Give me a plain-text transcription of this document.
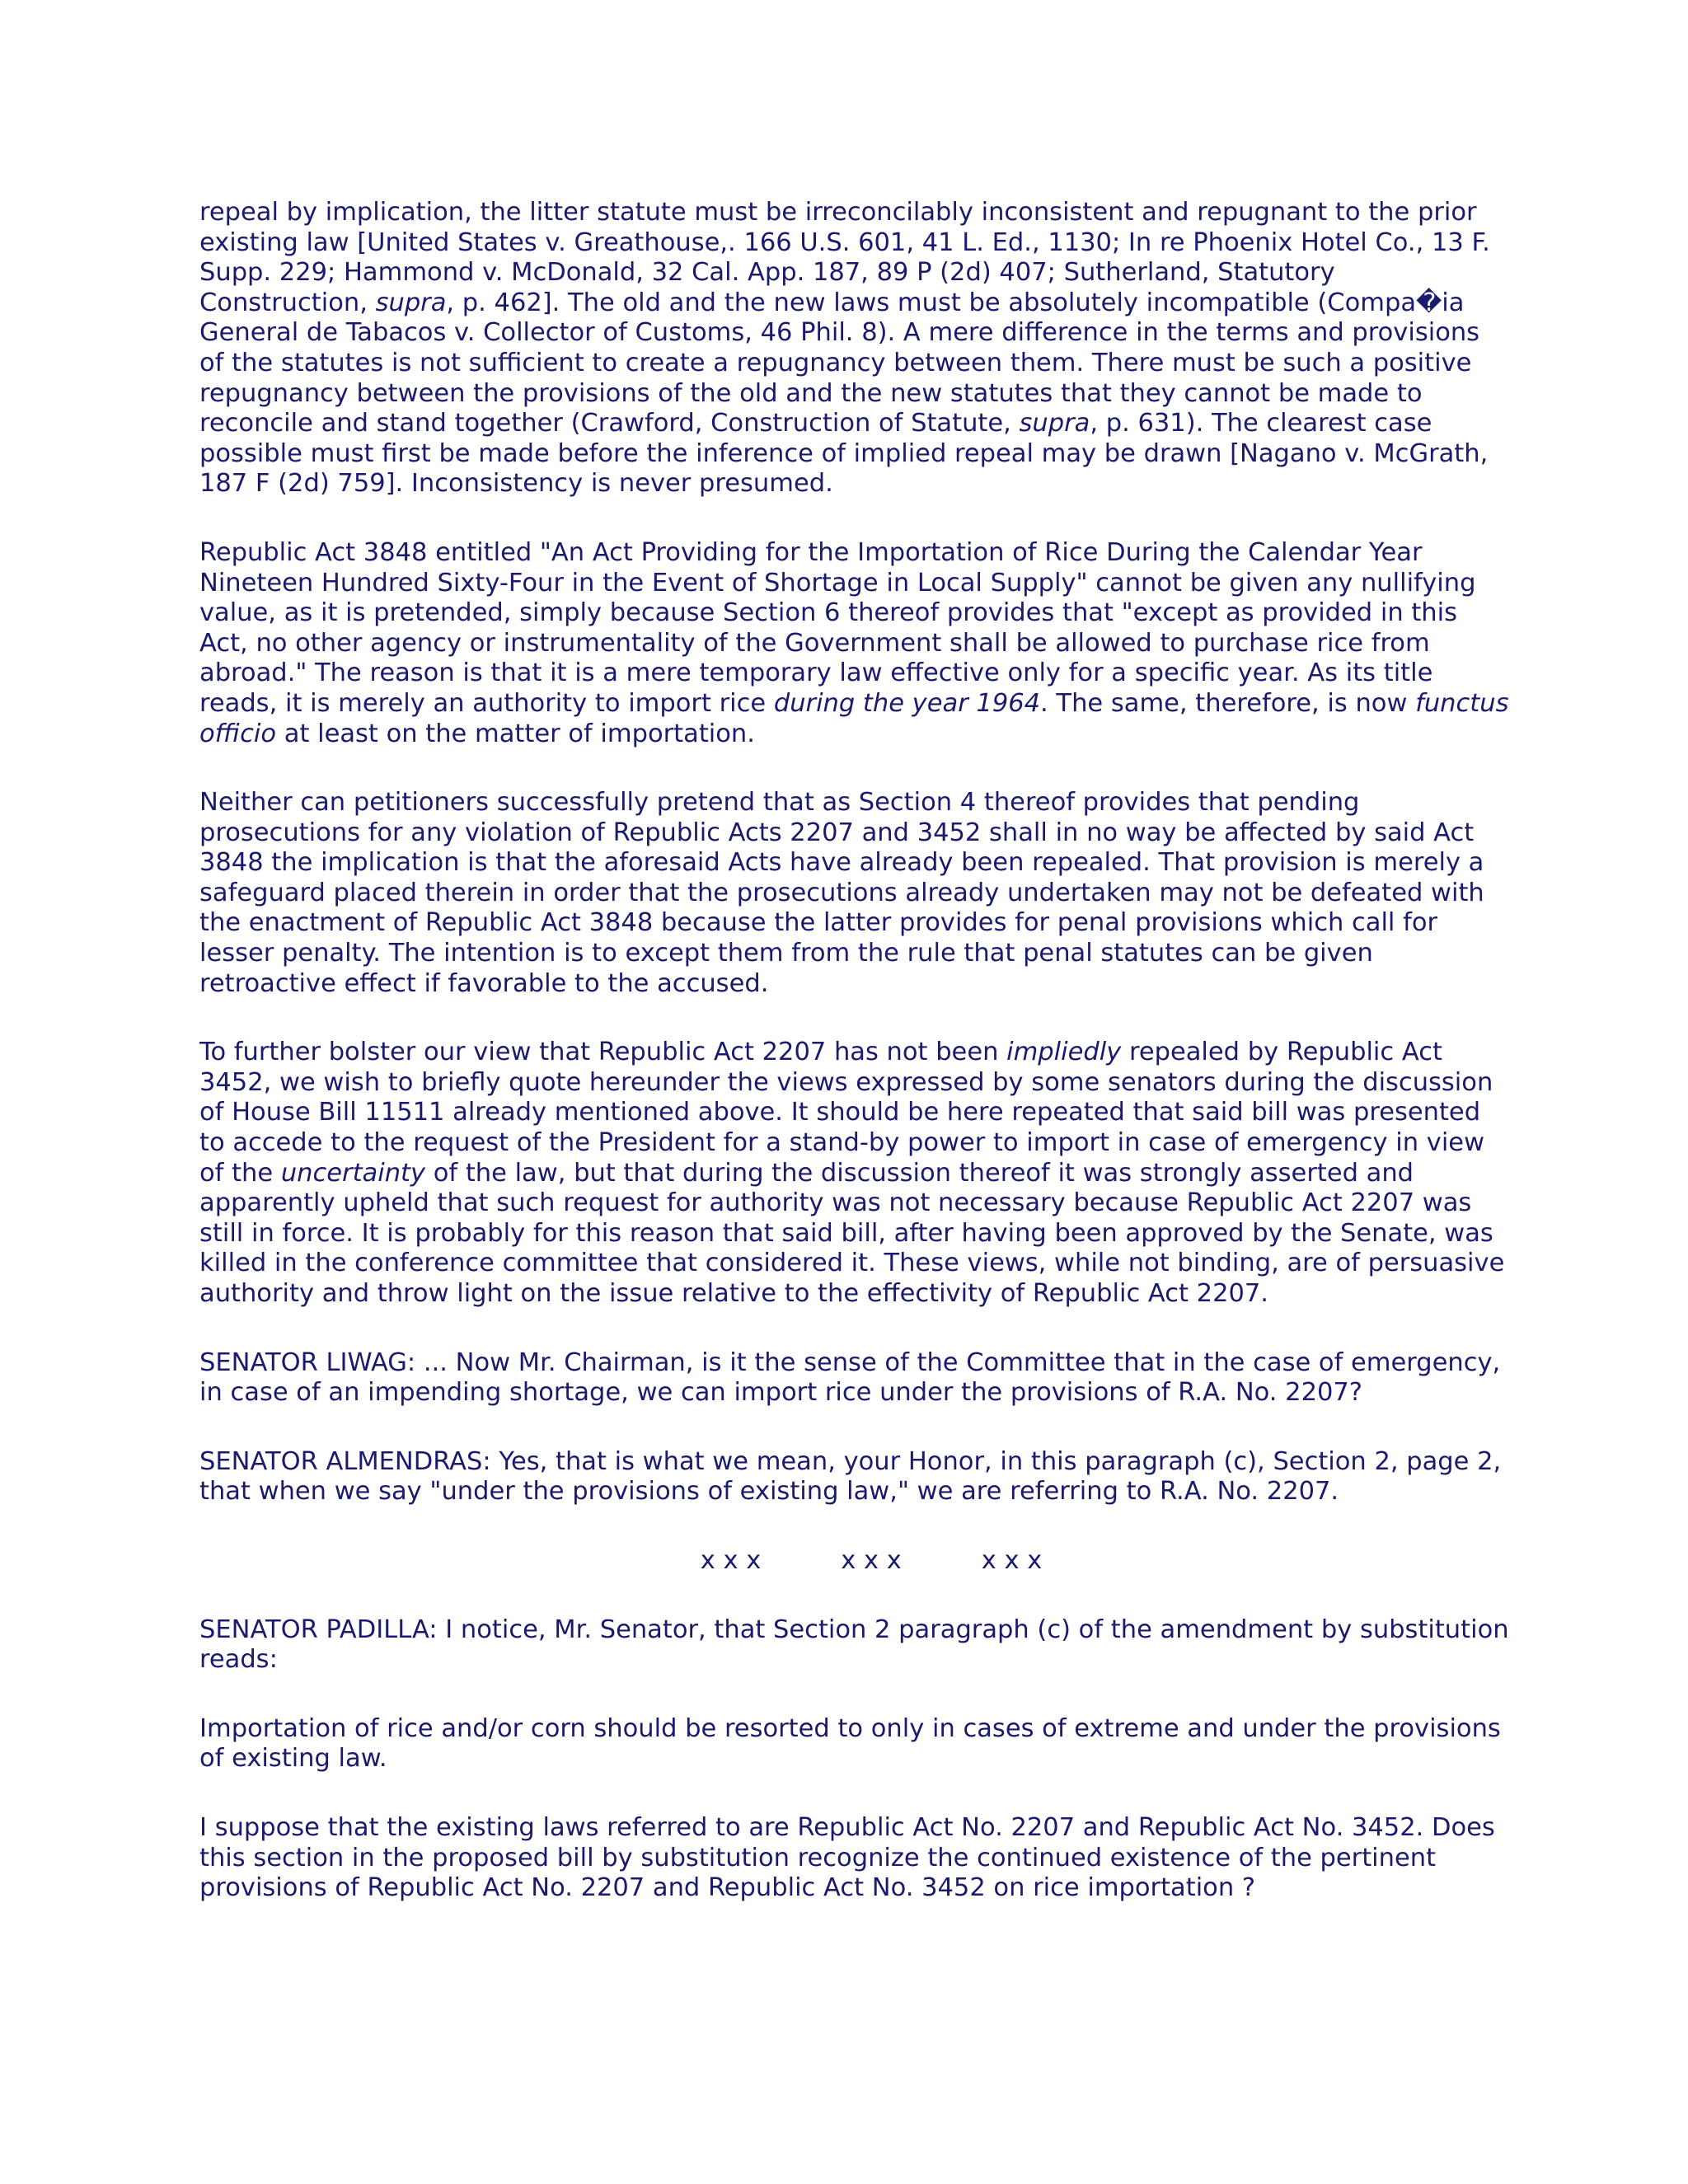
repeal by implication, the litter statute must be irreconcilably inconsistent and repugnant to the prior existing law [United States v. Greathouse,. 166 U.S. 601, 41 L. Ed., 1130; In re Phoenix Hotel Co., 13 F. Supp. 229; Hammond v. McDonald, 32 Cal. App. 187, 89 P (2d) 407; Sutherland, Statutory Construction, supra, p. 462]. The old and the new laws must be absolutely incompatible (Compa�ia General de Tabacos v. Collector of Customs, 46 Phil. 8). A mere difference in the terms and provisions of the statutes is not sufficient to create a repugnancy between them. There must be such a positive repugnancy between the provisions of the old and the new statutes that they cannot be made to reconcile and stand together (Crawford, Construction of Statute, supra, p. 631). The clearest case possible must first be made before the inference of implied repeal may be drawn [Nagano v. McGrath, 187 F (2d) 759]. Inconsistency is never presumed.

Republic Act 3848 entitled "An Act Providing for the Importation of Rice During the Calendar Year Nineteen Hundred Sixty-Four in the Event of Shortage in Local Supply" cannot be given any nullifying value, as it is pretended, simply because Section 6 thereof provides that "except as provided in this Act, no other agency or instrumentality of the Government shall be allowed to purchase rice from abroad." The reason is that it is a mere temporary law effective only for a specific year. As its title reads, it is merely an authority to import rice during the year 1964. The same, therefore, is now functus officio at least on the matter of importation.

Neither can petitioners successfully pretend that as Section 4 thereof provides that pending prosecutions for any violation of Republic Acts 2207 and 3452 shall in no way be affected by said Act 3848 the implication is that the aforesaid Acts have already been repealed. That provision is merely a safeguard placed therein in order that the prosecutions already undertaken may not be defeated with the enactment of Republic Act 3848 because the latter provides for penal provisions which call for lesser penalty. The intention is to except them from the rule that penal statutes can be given retroactive effect if favorable to the accused.

To further bolster our view that Republic Act 2207 has not been impliedly repealed by Republic Act 3452, we wish to briefly quote hereunder the views expressed by some senators during the discussion of House Bill 11511 already mentioned above. It should be here repeated that said bill was presented to accede to the request of the President for a stand-by power to import in case of emergency in view of the uncertainty of the law, but that during the discussion thereof it was strongly asserted and apparently upheld that such request for authority was not necessary because Republic Act 2207 was still in force. It is probably for this reason that said bill, after having been approved by the Senate, was killed in the conference committee that considered it. These views, while not binding, are of persuasive authority and throw light on the issue relative to the effectivity of Republic Act 2207.

SENATOR LIWAG: ... Now Mr. Chairman, is it the sense of the Committee that in the case of emergency, in case of an impending shortage, we can import rice under the provisions of R.A. No. 2207?

SENATOR ALMENDRAS: Yes, that is what we mean, your Honor, in this paragraph (c), Section 2, page 2, that when we say "under the provisions of existing law," we are referring to R.A. No. 2207.

x x x          x x x          x x x

SENATOR PADILLA: I notice, Mr. Senator, that Section 2 paragraph (c) of the amendment by substitution reads:

Importation of rice and/or corn should be resorted to only in cases of extreme and under the provisions of existing law.

I suppose that the existing laws referred to are Republic Act No. 2207 and Republic Act No. 3452. Does this section in the proposed bill by substitution recognize the continued existence of the pertinent provisions of Republic Act No. 2207 and Republic Act No. 3452 on rice importation ?
